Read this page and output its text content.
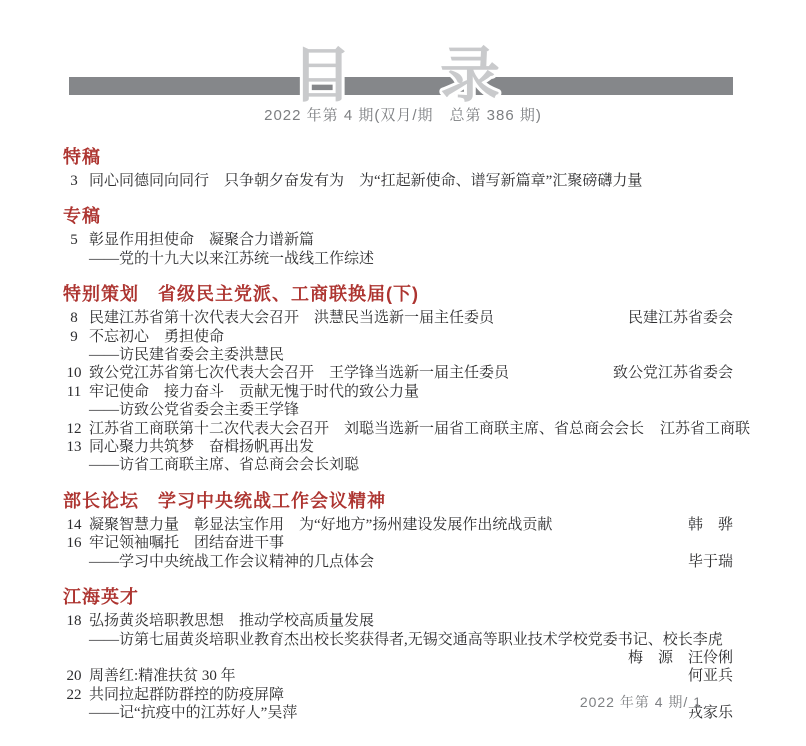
目　录
2022 年第 4 期(双月/期　总第 386 期)
特稿
3 同心同德同向同行　只争朝夕奋发有为　为“扛起新使命、谱写新篇章”汇聚磅礴力量
专稿
5 彰显作用担使命　凝聚合力谱新篇
——党的十九大以来江苏统一战线工作综述
特别策划　省级民主党派、工商联换届(下)
8 民建江苏省第十次代表大会召开　洪慧民当选新一届主任委员	民建江苏省委会
9 不忘初心　勇担使命
——访民建省委会主委洪慧民
10 致公党江苏省第七次代表大会召开　王学锋当选新一届主任委员	致公党江苏省委会
11 牢记使命　接力奋斗　贡献无愧于时代的致公力量
——访致公党省委会主委王学锋
12 江苏省工商联第十二次代表大会召开　刘聪当选新一届省工商联主席、省总商会会长	江苏省工商联
13 同心聚力共筑梦　奋楫扬帆再出发
——访省工商联主席、省总商会会长刘聪
部长论坛　学习中央统战工作会议精神
14 凝聚智慧力量　彰显法宝作用　为“好地方”扬州建设发展作出统战贡献	韩　骅
16 牢记领袖嘱托　团结奋进干事
——学习中央统战工作会议精神的几点体会	毕于瑞
江海英才
18 弘扬黄炎培职教思想　推动学校高质量发展
——访第七届黄炎培职业教育杰出校长奖获得者,无锡交通高等职业技术学校党委书记、校长李虎
梅　源　汪伶俐
20 周善红:精准扶贫 30 年	何亚兵
22 共同拉起群防群控的防疫屏障
——记“抗疫中的江苏好人”吴萍	戎家乐
2022 年第 4 期/ 1
